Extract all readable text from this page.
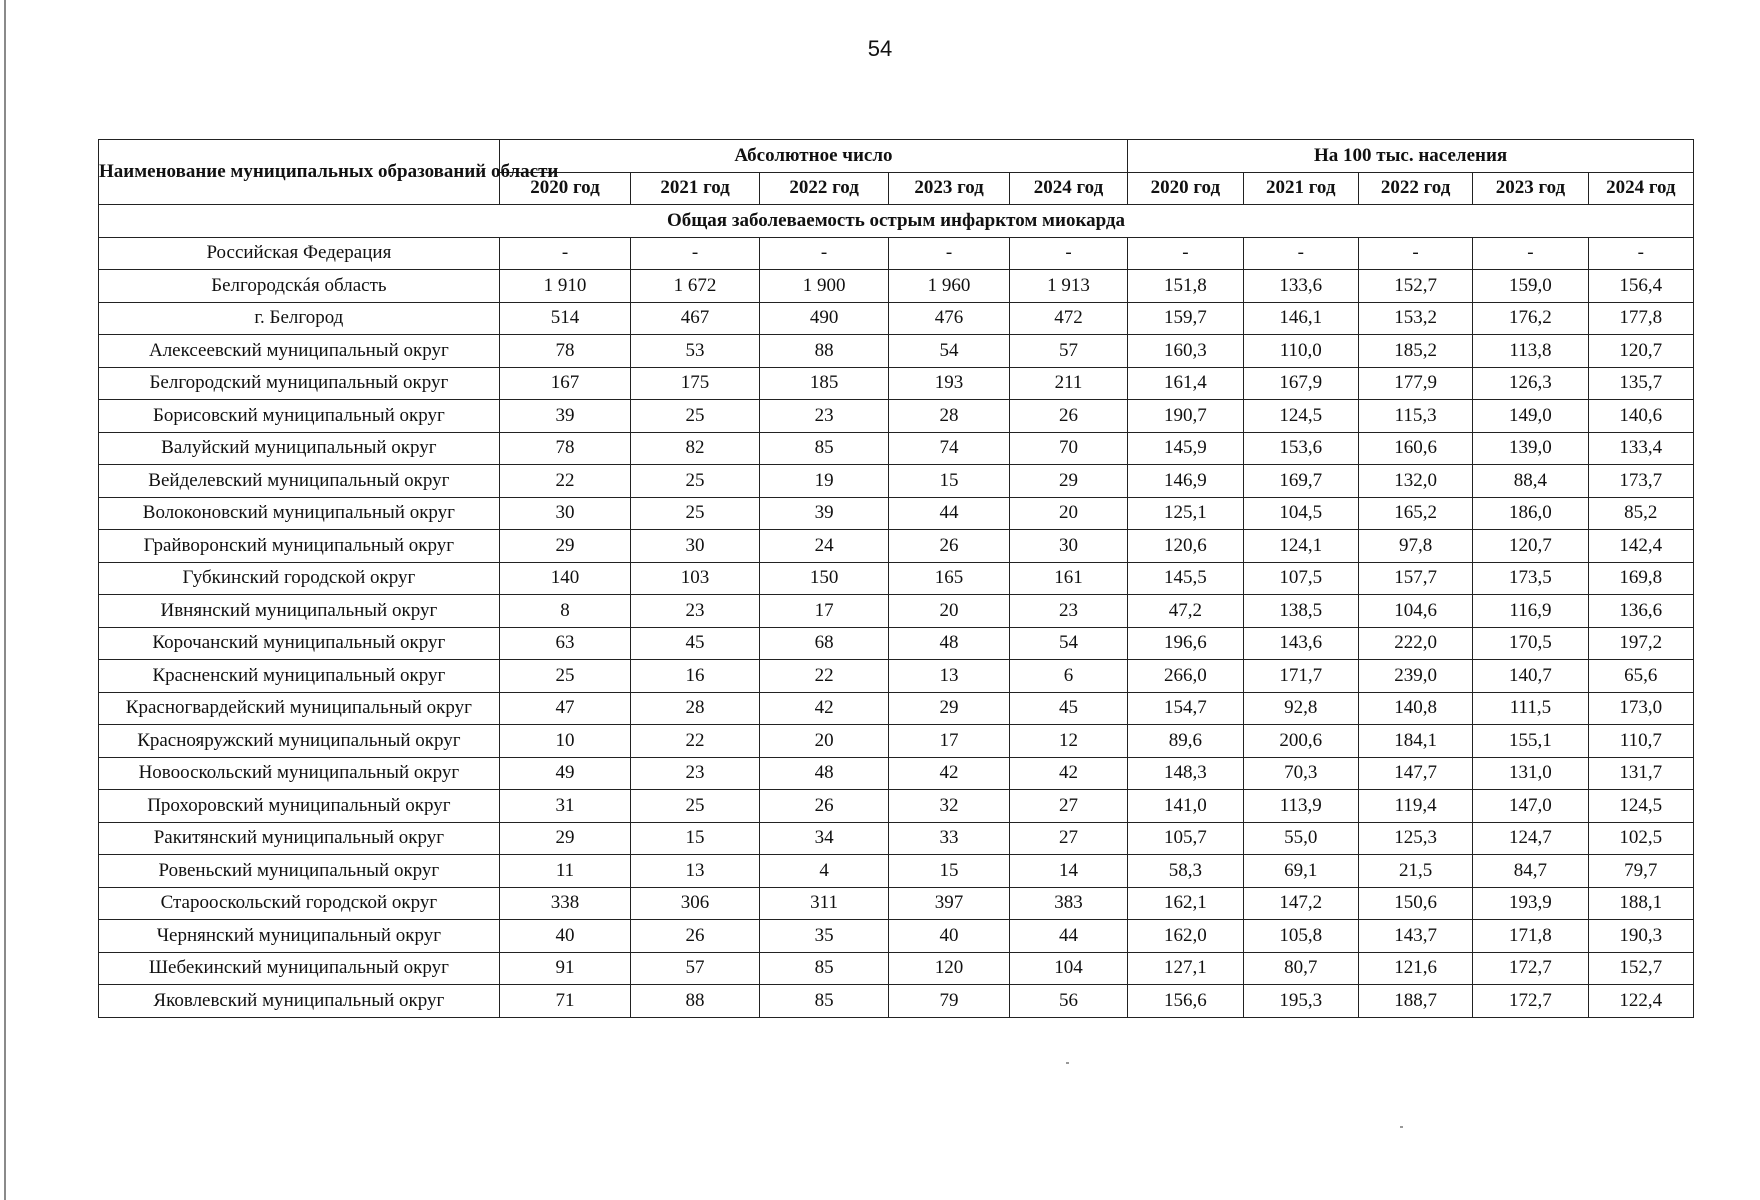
54
Наименование муниципальных образований области	Абсолютное число					На 100 тыс. населения				
	2020 год	2021 год	2022 год	2023 год	2024 год	2020 год	2021 год	2022 год	2023 год	2024 год
Общая заболеваемость острым инфарктом миокарда										
Российская Федерация	-	-	-	-	-	-	-	-	-	-
Белгородскáя область	1 910	1 672	1 900	1 960	1 913	151,8	133,6	152,7	159,0	156,4
г. Белгород	514	467	490	476	472	159,7	146,1	153,2	176,2	177,8
Алексеевский муниципальный округ	78	53	88	54	57	160,3	110,0	185,2	113,8	120,7
Белгородский муниципальный округ	167	175	185	193	211	161,4	167,9	177,9	126,3	135,7
Борисовский муниципальный округ	39	25	23	28	26	190,7	124,5	115,3	149,0	140,6
Валуйский муниципальный округ	78	82	85	74	70	145,9	153,6	160,6	139,0	133,4
Вейделевский муниципальный округ	22	25	19	15	29	146,9	169,7	132,0	88,4	173,7
Волоконовский муниципальный округ	30	25	39	44	20	125,1	104,5	165,2	186,0	85,2
Грайворонский муниципальный округ	29	30	24	26	30	120,6	124,1	97,8	120,7	142,4
Губкинский городской округ	140	103	150	165	161	145,5	107,5	157,7	173,5	169,8
Ивнянский муниципальный округ	8	23	17	20	23	47,2	138,5	104,6	116,9	136,6
Корочанский муниципальный округ	63	45	68	48	54	196,6	143,6	222,0	170,5	197,2
Красненский муниципальный округ	25	16	22	13	6	266,0	171,7	239,0	140,7	65,6
Красногвардейский муниципальный округ	47	28	42	29	45	154,7	92,8	140,8	111,5	173,0
Краснояружский муниципальный округ	10	22	20	17	12	89,6	200,6	184,1	155,1	110,7
Новооскольский муниципальный округ	49	23	48	42	42	148,3	70,3	147,7	131,0	131,7
Прохоровский муниципальный округ	31	25	26	32	27	141,0	113,9	119,4	147,0	124,5
Ракитянский муниципальный округ	29	15	34	33	27	105,7	55,0	125,3	124,7	102,5
Ровеньский муниципальный округ	11	13	4	15	14	58,3	69,1	21,5	84,7	79,7
Старооскольский городской округ	338	306	311	397	383	162,1	147,2	150,6	193,9	188,1
Чернянский муниципальный округ	40	26	35	40	44	162,0	105,8	143,7	171,8	190,3
Шебекинский муниципальный округ	91	57	85	120	104	127,1	80,7	121,6	172,7	152,7
Яковлевский муниципальный округ	71	88	85	79	56	156,6	195,3	188,7	172,7	122,4
